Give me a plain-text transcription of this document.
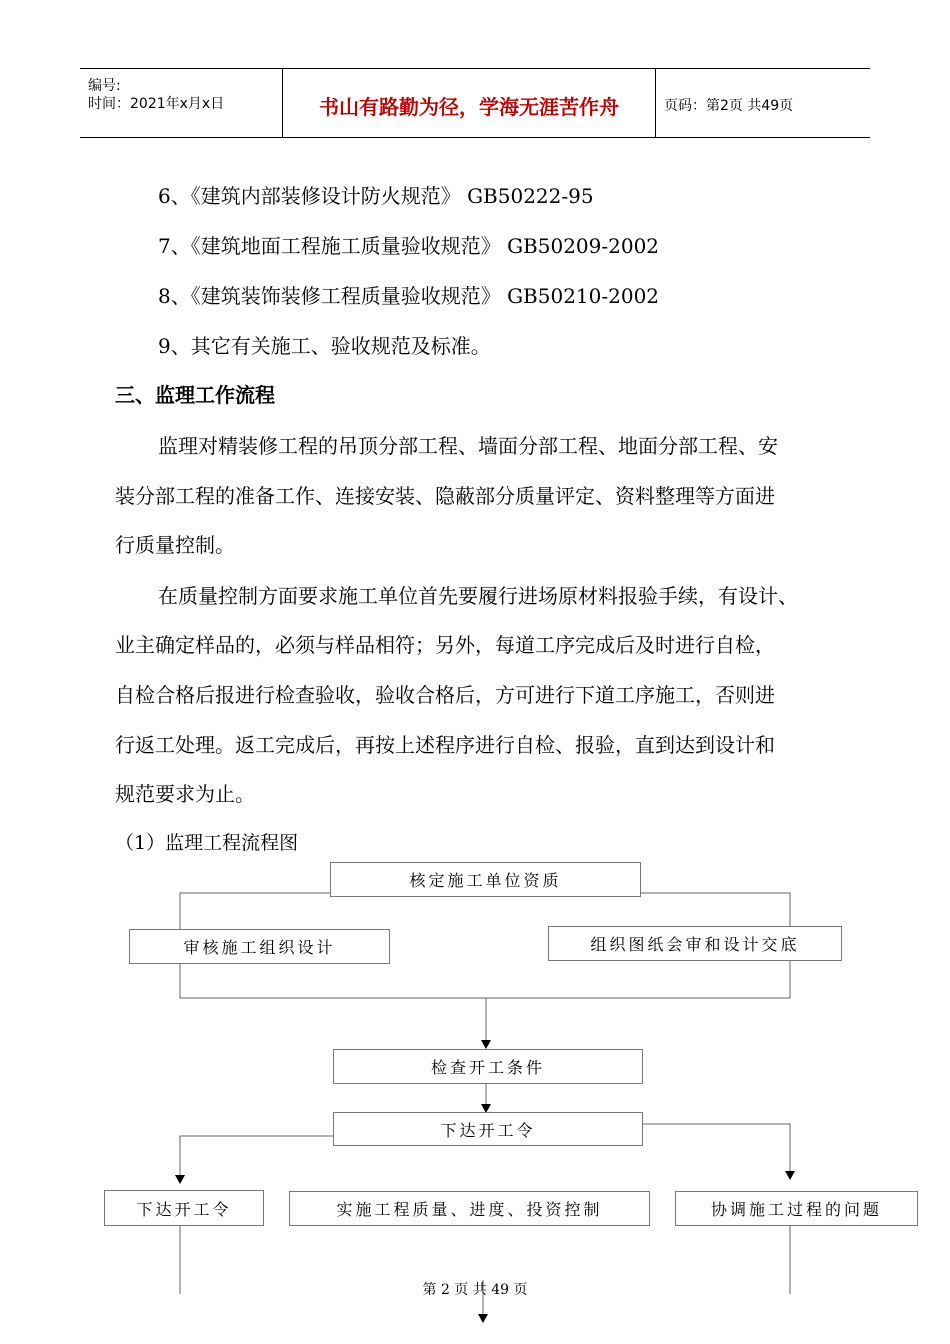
编号:
时间：2021年x月x日	书山有路勤为径，学海无涯苦作舟	页码：第2页 共49页
6、《建筑内部装修设计防火规范》 GB50222-95
7、《建筑地面工程施工质量验收规范》 GB50209-2002
8、《建筑装饰装修工程质量验收规范》 GB50210-2002
9、其它有关施工、验收规范及标准。
三、监理工作流程
监理对精装修工程的吊顶分部工程、墙面分部工程、地面分部工程、安
装分部工程的准备工作、连接安装、隐蔽部分质量评定、资料整理等方面进
行质量控制。
在质量控制方面要求施工单位首先要履行进场原材料报验手续，有设计、
业主确定样品的，必须与样品相符；另外，每道工序完成后及时进行自检，
自检合格后报进行检查验收，验收合格后，方可进行下道工序施工，否则进
行返工处理。返工完成后，再按上述程序进行自检、报验，直到达到设计和
规范要求为止。
（1）监理工程流程图
核定施工单位资质
审核施工组织设计	组织图纸会审和设计交底
检查开工条件
下达开工令
下达开工令	实施工程质量、进度、投资控制	协调施工过程的问题
第 2 页 共 49 页
